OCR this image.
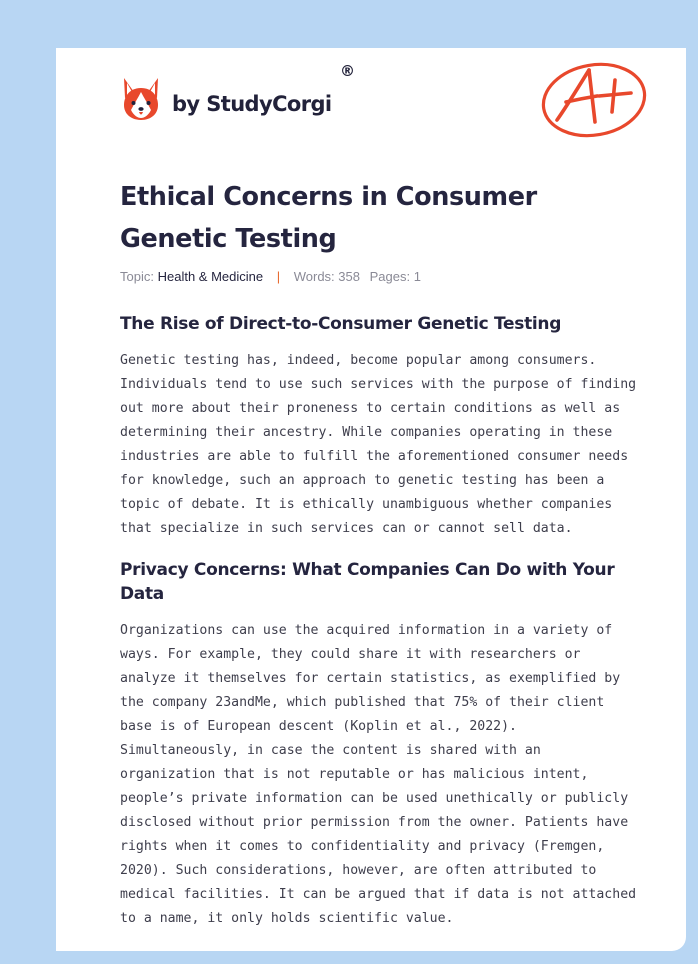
by StudyCorgi
®
Ethical Concerns in Consumer Genetic Testing
Topic: Health & Medicine | Words: 358 Pages: 1
The Rise of Direct-to-Consumer Genetic Testing

Genetic testing has, indeed, become popular among consumers. Individuals tend to use such services with the purpose of finding out more about their proneness to certain conditions as well as determining their ancestry. While companies operating in these industries are able to fulfill the aforementioned consumer needs for knowledge, such an approach to genetic testing has been a topic of debate. It is ethically unambiguous whether companies that specialize in such services can or cannot sell data.

Privacy Concerns: What Companies Can Do with Your Data

Organizations can use the acquired information in a variety of ways. For example, they could share it with researchers or analyze it themselves for certain statistics, as exemplified by the company 23andMe, which published that 75% of their client base is of European descent (Koplin et al., 2022). Simultaneously, in case the content is shared with an organization that is not reputable or has malicious intent, people’s private information can be used unethically or publicly disclosed without prior permission from the owner. Patients have rights when it comes to confidentiality and privacy (Fremgen, 2020). Such considerations, however, are often attributed to medical facilities. It can be argued that if data is not attached to a name, it only holds scientific value.
